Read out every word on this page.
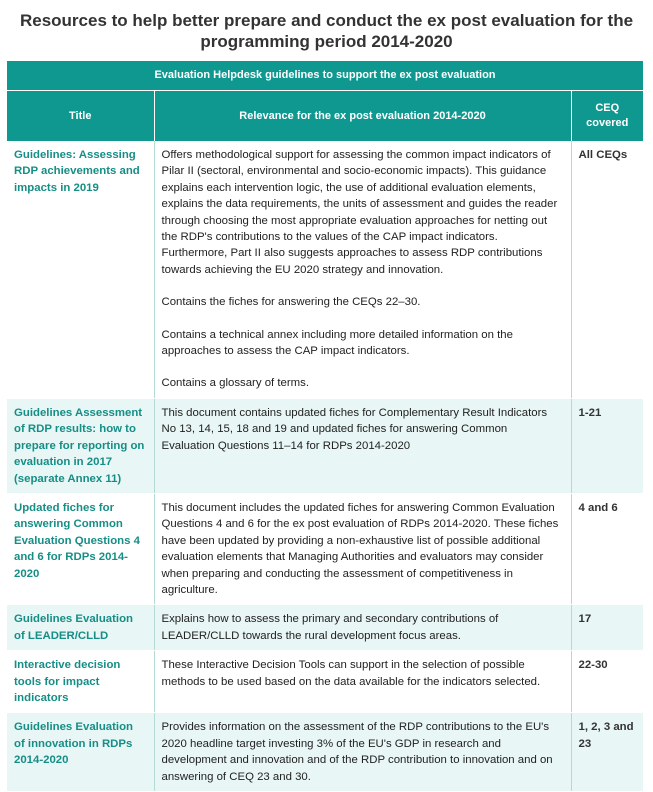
Resources to help better prepare and conduct the ex post evaluation for the programming period 2014-2020
Evaluation Helpdesk guidelines to support the ex post evaluation		
Title	Relevance for the ex post evaluation 2014-2020	CEQ covered
Guidelines: Assessing RDP achievements and impacts in 2019	Offers methodological support for assessing the common impact indicators of Pilar II (sectoral, environmental and socio-economic impacts). This guidance explains each intervention logic, the use of additional evaluation elements, explains the data requirements, the units of assessment and guides the reader through choosing the most appropriate evaluation approaches for netting out the RDP's contributions to the values of the CAP impact indicators. Furthermore, Part II also suggests approaches to assess RDP contributions towards achieving the EU 2020 strategy and innovation.

Contains the fiches for answering the CEQs 22–30.

Contains a technical annex including more detailed information on the approaches to assess the CAP impact indicators.

Contains a glossary of terms.	All CEQs
Guidelines Assessment of RDP results: how to prepare for reporting on evaluation in 2017 (separate Annex 11)	This document contains updated fiches for Complementary Result Indicators No 13, 14, 15, 18 and 19 and updated fiches for answering Common Evaluation Questions 11–14 for RDPs 2014-2020	1-21
Updated fiches for answering Common Evaluation Questions 4 and 6 for RDPs 2014-2020	This document includes the updated fiches for answering Common Evaluation Questions 4 and 6 for the ex post evaluation of RDPs 2014-2020. These fiches have been updated by providing a non-exhaustive list of possible additional evaluation elements that Managing Authorities and evaluators may consider when preparing and conducting the assessment of competitiveness in agriculture.	4 and 6
Guidelines Evaluation of LEADER/CLLD	Explains how to assess the primary and secondary contributions of LEADER/CLLD towards the rural development focus areas.	17
Interactive decision tools for impact indicators	These Interactive Decision Tools can support in the selection of possible methods to be used based on the data available for the indicators selected.	22-30
Guidelines Evaluation of innovation in RDPs 2014-2020	Provides information on the assessment of the RDP contributions to the EU's 2020 headline target investing 3% of the EU's GDP in research and development and innovation and of the RDP contribution to innovation and on answering of CEQ 23 and 30.	1, 2, 3 and 23
